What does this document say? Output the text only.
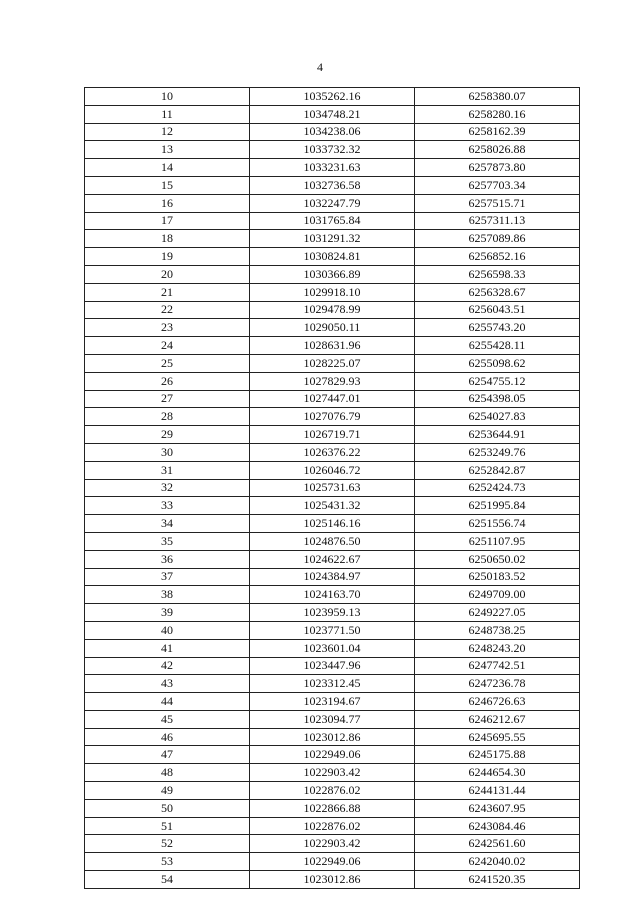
4
10	1035262.16	6258380.07
11	1034748.21	6258280.16
12	1034238.06	6258162.39
13	1033732.32	6258026.88
14	1033231.63	6257873.80
15	1032736.58	6257703.34
16	1032247.79	6257515.71
17	1031765.84	6257311.13
18	1031291.32	6257089.86
19	1030824.81	6256852.16
20	1030366.89	6256598.33
21	1029918.10	6256328.67
22	1029478.99	6256043.51
23	1029050.11	6255743.20
24	1028631.96	6255428.11
25	1028225.07	6255098.62
26	1027829.93	6254755.12
27	1027447.01	6254398.05
28	1027076.79	6254027.83
29	1026719.71	6253644.91
30	1026376.22	6253249.76
31	1026046.72	6252842.87
32	1025731.63	6252424.73
33	1025431.32	6251995.84
34	1025146.16	6251556.74
35	1024876.50	6251107.95
36	1024622.67	6250650.02
37	1024384.97	6250183.52
38	1024163.70	6249709.00
39	1023959.13	6249227.05
40	1023771.50	6248738.25
41	1023601.04	6248243.20
42	1023447.96	6247742.51
43	1023312.45	6247236.78
44	1023194.67	6246726.63
45	1023094.77	6246212.67
46	1023012.86	6245695.55
47	1022949.06	6245175.88
48	1022903.42	6244654.30
49	1022876.02	6244131.44
50	1022866.88	6243607.95
51	1022876.02	6243084.46
52	1022903.42	6242561.60
53	1022949.06	6242040.02
54	1023012.86	6241520.35
